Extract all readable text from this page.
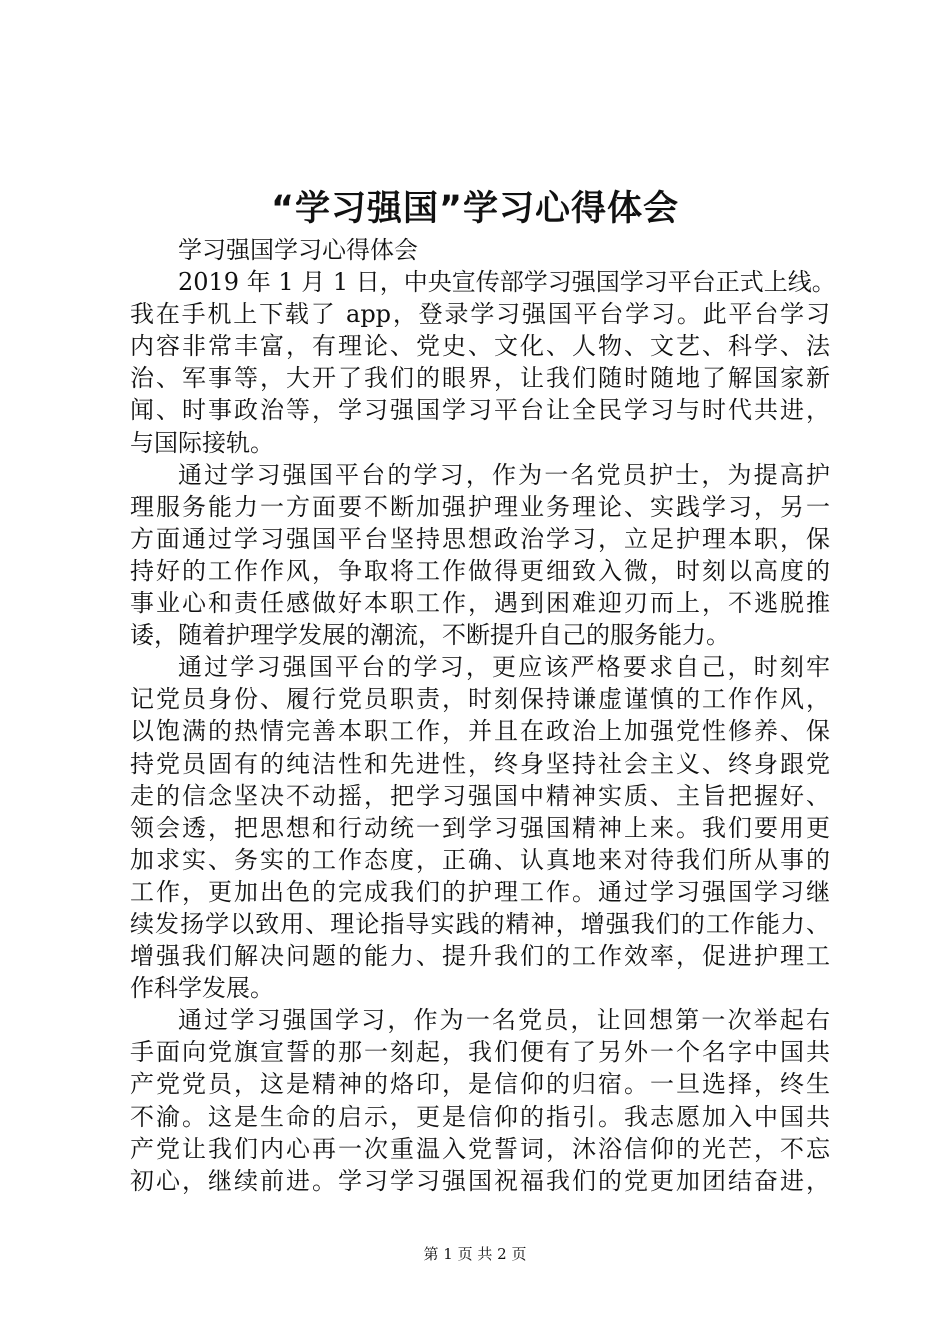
“学习强国”学习心得体会
学习强国学习心得体会
2019 年 1 月 1 日，中央宣传部学习强国学习平台正式上线。
我在手机上下载了 app，登录学习强国平台学习。此平台学习
内容非常丰富，有理论、党史、文化、人物、文艺、科学、法
治、军事等，大开了我们的眼界，让我们随时随地了解国家新
闻、时事政治等，学习强国学习平台让全民学习与时代共进，
与国际接轨。
通过学习强国平台的学习，作为一名党员护士，为提高护
理服务能力一方面要不断加强护理业务理论、实践学习，另一
方面通过学习强国平台坚持思想政治学习，立足护理本职，保
持好的工作作风，争取将工作做得更细致入微，时刻以高度的
事业心和责任感做好本职工作，遇到困难迎刃而上，不逃脱推
诿，随着护理学发展的潮流，不断提升自己的服务能力。
通过学习强国平台的学习，更应该严格要求自己，时刻牢
记党员身份、履行党员职责，时刻保持谦虚谨慎的工作作风，
以饱满的热情完善本职工作，并且在政治上加强党性修养、保
持党员固有的纯洁性和先进性，终身坚持社会主义、终身跟党
走的信念坚决不动摇，把学习强国中精神实质、主旨把握好、
领会透，把思想和行动统一到学习强国精神上来。我们要用更
加求实、务实的工作态度，正确、认真地来对待我们所从事的
工作，更加出色的完成我们的护理工作。通过学习强国学习继
续发扬学以致用、理论指导实践的精神，增强我们的工作能力、
增强我们解决问题的能力、提升我们的工作效率，促进护理工
作科学发展。
通过学习强国学习，作为一名党员，让回想第一次举起右
手面向党旗宣誓的那一刻起，我们便有了另外一个名字中国共
产党党员，这是精神的烙印，是信仰的归宿。一旦选择，终生
不渝。这是生命的启示，更是信仰的指引。我志愿加入中国共
产党让我们内心再一次重温入党誓词，沐浴信仰的光芒，不忘
初心，继续前进。学习学习强国祝福我们的党更加团结奋进，
第 1 页 共 2 页
